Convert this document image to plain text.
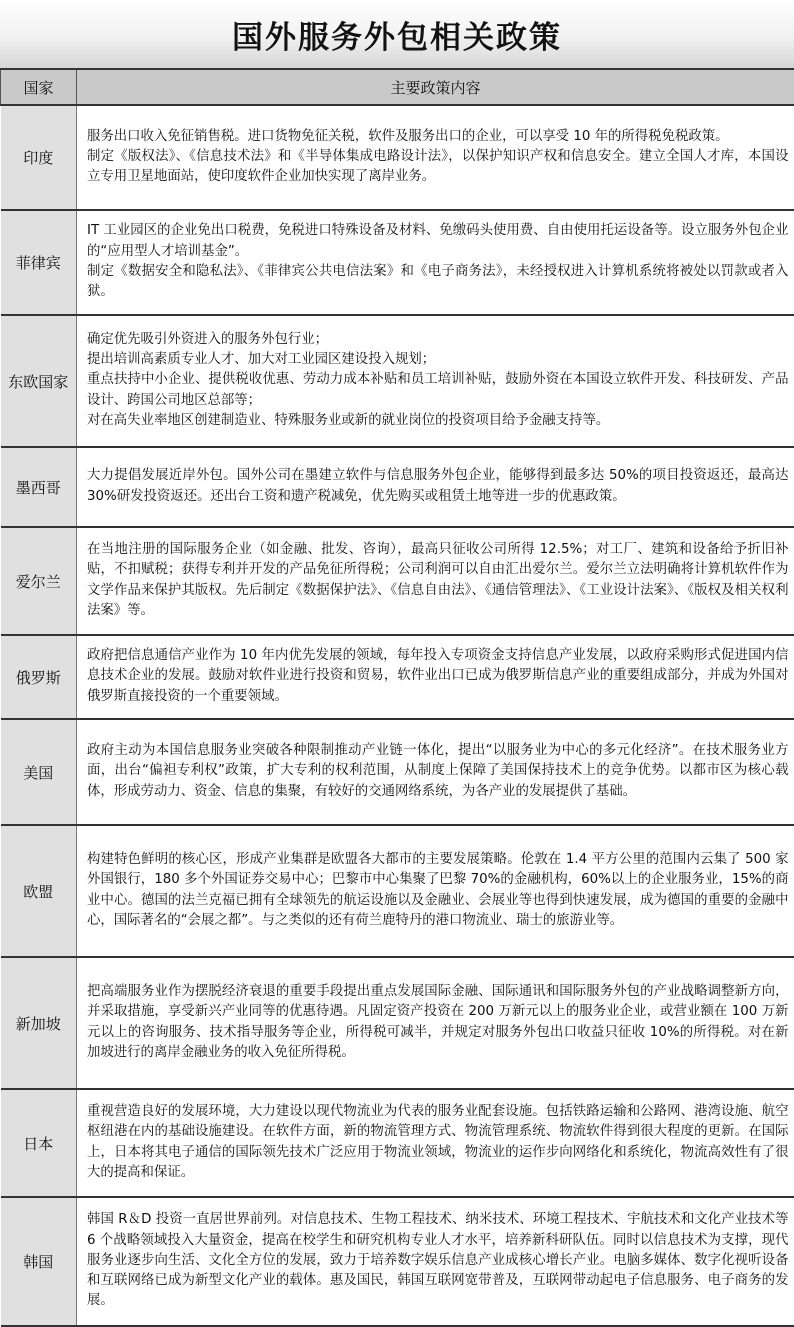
国外服务外包相关政策
国家	主要政策内容
印度	服务出口收入免征销售税。进口货物免征关税，软件及服务出口的企业，可以享受 10 年的所得税免税政策。
制定《版权法》、《信息技术法》和《半导体集成电路设计法》，以保护知识产权和信息安全。建立全国人才库，本国设立专用卫星地面站，使印度软件企业加快实现了离岸业务。

菲律宾	IT 工业园区的企业免出口税费，免税进口特殊设备及材料、免缴码头使用费、自由使用托运设备等。设立服务外包企业的“应用型人才培训基金”。
制定《数据安全和隐私法》、《菲律宾公共电信法案》和《电子商务法》，未经授权进入计算机系统将被处以罚款或者入狱。

东欧国家	确定优先吸引外资进入的服务外包行业；
提出培训高素质专业人才、加大对工业园区建设投入规划；
重点扶持中小企业、提供税收优惠、劳动力成本补贴和员工培训补贴，鼓励外资在本国设立软件开发、科技研发、产品设计、跨国公司地区总部等；
对在高失业率地区创建制造业、特殊服务业或新的就业岗位的投资项目给予金融支持等。

墨西哥	大力提倡发展近岸外包。国外公司在墨建立软件与信息服务外包企业，能够得到最多达 50%的项目投资返还，最高达 30%研发投资返还。还出台工资和遗产税减免，优先购买或租赁土地等进一步的优惠政策。

爱尔兰	在当地注册的国际服务企业（如金融、批发、咨询），最高只征收公司所得 12.5%；对工厂、建筑和设备给予折旧补贴，不扣赋税；获得专利并开发的产品免征所得税；公司利润可以自由汇出爱尔兰。爱尔兰立法明确将计算机软件作为文学作品来保护其版权。先后制定《数据保护法》、《信息自由法》、《通信管理法》、《工业设计法案》、《版权及相关权利法案》等。

俄罗斯	政府把信息通信产业作为 10 年内优先发展的领域，每年投入专项资金支持信息产业发展，以政府采购形式促进国内信息技术企业的发展。鼓励对软件业进行投资和贸易，软件业出口已成为俄罗斯信息产业的重要组成部分，并成为外国对俄罗斯直接投资的一个重要领域。

美国	政府主动为本国信息服务业突破各种限制推动产业链一体化，提出“以服务业为中心的多元化经济”。在技术服务业方面，出台“偏袒专利权”政策，扩大专利的权利范围，从制度上保障了美国保持技术上的竞争优势。以都市区为核心载体，形成劳动力、资金、信息的集聚，有较好的交通网络系统，为各产业的发展提供了基础。

欧盟	构建特色鲜明的核心区，形成产业集群是欧盟各大都市的主要发展策略。伦敦在 1.4 平方公里的范围内云集了 500 家外国银行，180 多个外国证券交易中心；巴黎市中心集聚了巴黎 70%的金融机构，60%以上的企业服务业，15%的商业中心。德国的法兰克福已拥有全球领先的航运设施以及金融业、会展业等也得到快速发展，成为德国的重要的金融中心，国际著名的“会展之都”。与之类似的还有荷兰鹿特丹的港口物流业、瑞士的旅游业等。

新加坡	把高端服务业作为摆脱经济衰退的重要手段提出重点发展国际金融、国际通讯和国际服务外包的产业战略调整新方向，并采取措施，享受新兴产业同等的优惠待遇。凡固定资产投资在 200 万新元以上的服务业企业，或营业额在 100 万新元以上的咨询服务、技术指导服务等企业，所得税可减半，并规定对服务外包出口收益只征收 10%的所得税。对在新加坡进行的离岸金融业务的收入免征所得税。

日本	重视营造良好的发展环境，大力建设以现代物流业为代表的服务业配套设施。包括铁路运输和公路网、港湾设施、航空枢纽港在内的基础设施建设。在软件方面，新的物流管理方式、物流管理系统、物流软件得到很大程度的更新。在国际上，日本将其电子通信的国际领先技术广泛应用于物流业领域，物流业的运作步向网络化和系统化，物流高效性有了很大的提高和保证。

韩国	韩国 R＆D 投资一直居世界前列。对信息技术、生物工程技术、纳米技术、环境工程技术、宇航技术和文化产业技术等 6 个战略领域投入大量资金，提高在校学生和研究机构专业人才水平，培养新科研队伍。同时以信息技术为支撑，现代服务业逐步向生活、文化全方位的发展，致力于培养数字娱乐信息产业成核心增长产业。电脑多媒体、数字化视听设备和互联网络已成为新型文化产业的载体。惠及国民，韩国互联网宽带普及，互联网带动起电子信息服务、电子商务的发展。
